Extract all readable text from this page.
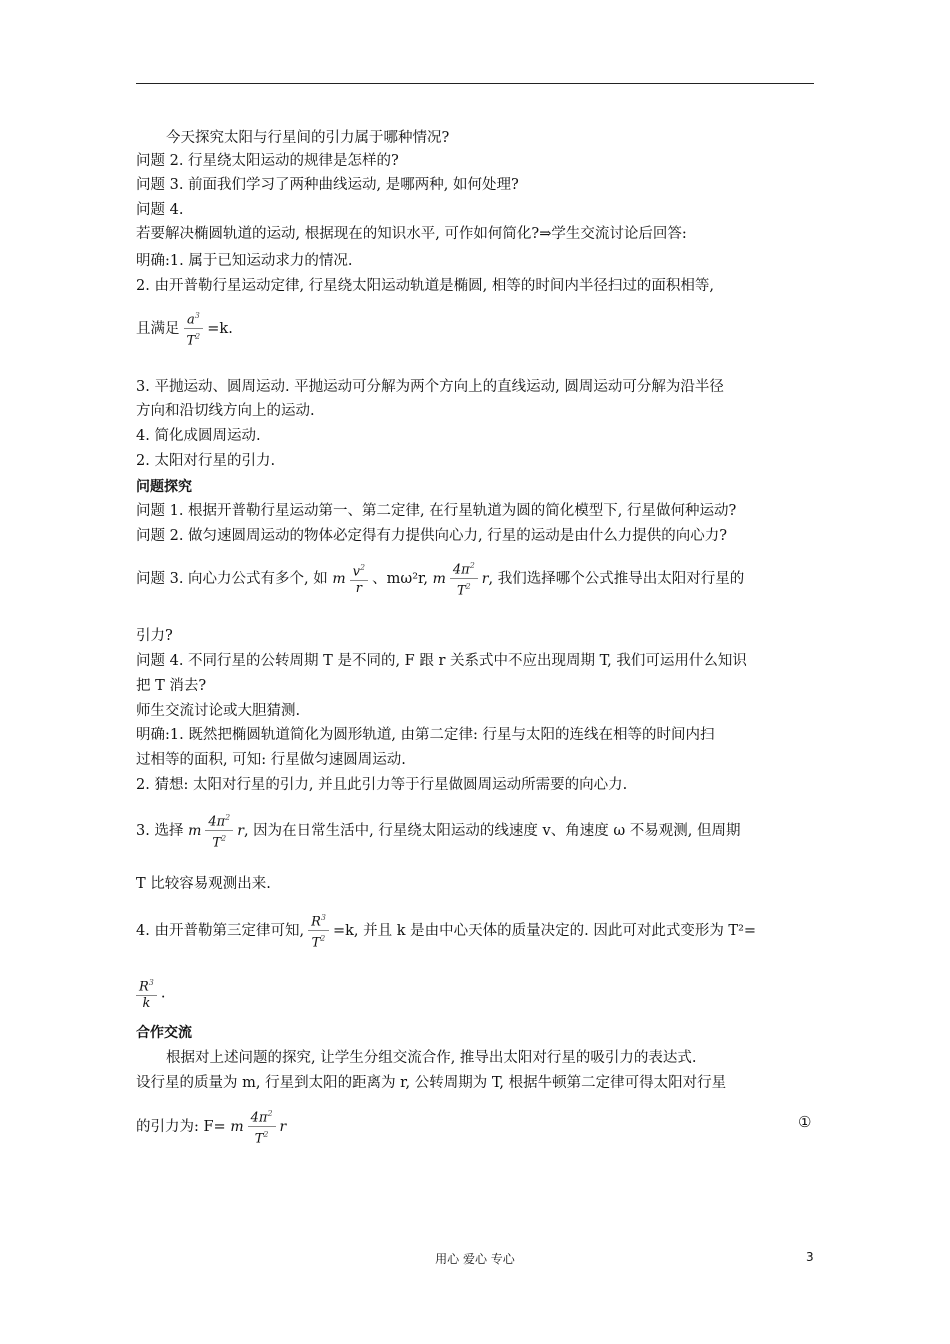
今天探究太阳与行星间的引力属于哪种情况?
问题 2. 行星绕太阳运动的规律是怎样的?
问题 3. 前面我们学习了两种曲线运动, 是哪两种, 如何处理?
问题 4.
若要解决椭圆轨道的运动, 根据现在的知识水平, 可作如何简化?⇒学生交流讨论后回答:
明确:1. 属于已知运动求力的情况.
2. 由开普勒行星运动定律, 行星绕太阳运动轨道是椭圆, 相等的时间内半径扫过的面积相等,
且满足 $\frac{a^3}{T^2} =k$.
3. 平抛运动、圆周运动. 平抛运动可分解为两个方向上的直线运动, 圆周运动可分解为沿半径
方向和沿切线方向上的运动.
4. 简化成圆周运动.
2. 太阳对行星的引力.
问题探究
问题 1. 根据开普勒行星运动第一、第二定律, 在行星轨道为圆的简化模型下, 行星做何种运动?
问题 2. 做匀速圆周运动的物体必定得有力提供向心力, 行星的运动是由什么力提供的向心力?
问题 3. 向心力公式有多个, 如 m $\frac{v^2}{r}$ 、mω²r, m $\frac{4\pi^2}{T^2} r$, 我们选择哪个公式推导出太阳对行星的
引力?
问题 4. 不同行星的公转周期 T 是不同的, F 跟 r 关系式中不应出现周期 T, 我们可运用什么知识
把 T 消去?
师生交流讨论或大胆猜测.
明确:1. 既然把椭圆轨道简化为圆形轨道, 由第二定律: 行星与太阳的连线在相等的时间内扫
过相等的面积, 可知: 行星做匀速圆周运动.
2. 猜想: 太阳对行星的引力, 并且此引力等于行星做圆周运动所需要的向心力.
3. 选择 m $\frac{4\pi^2}{T^2} r$, 因为在日常生活中, 行星绕太阳运动的线速度 v、角速度 ω 不易观测, 但周期
T 比较容易观测出来.
4. 由开普勒第三定律可知, $\frac{R^3}{T^2} =k$, 并且 k 是由中心天体的质量决定的. 因此可对此式变形为 T²=
$\frac{R^3}{k}$ .
合作交流
根据对上述问题的探究, 让学生分组交流合作, 推导出太阳对行星的吸引力的表达式.
设行星的质量为 m, 行星到太阳的距离为 r, 公转周期为 T, 根据牛顿第二定律可得太阳对行星
的引力为: F= m $\frac{4\pi^2}{T^2}$ r	①
用心 爱心 专心	3
